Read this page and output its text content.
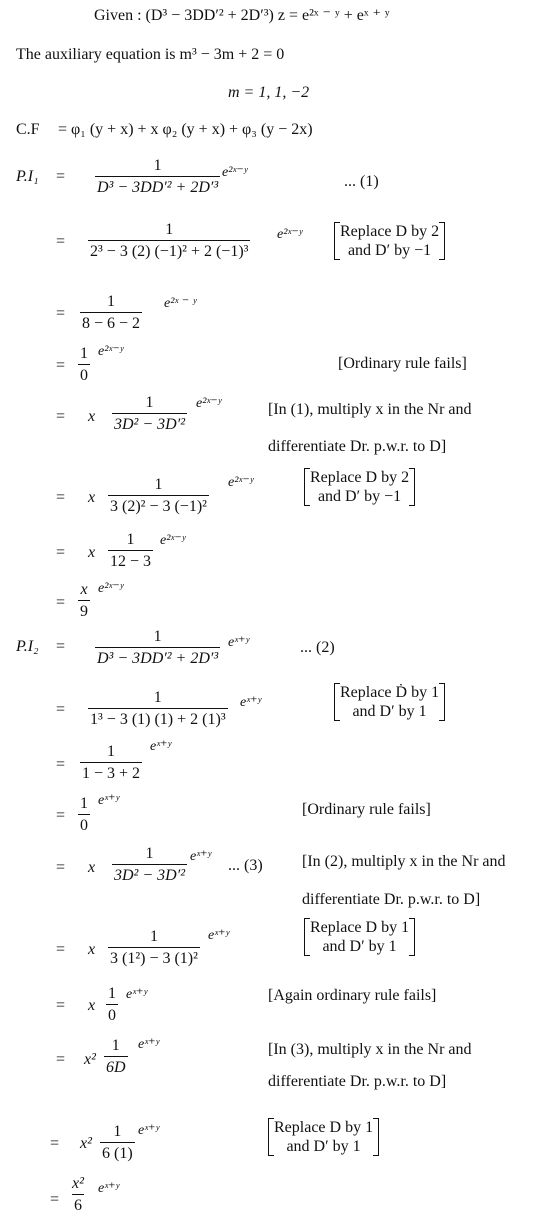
Given : (D³ − 3DD′² + 2D′³) z = e²ˣ ⁻ ʸ + eˣ ⁺ ʸ
The auxiliary equation is m³ − 3m + 2 = 0
m = 1, 1, −2
C.F = φ₁ (y + x) + x φ₂ (y + x) + φ₃ (y − 2x)
$P.I_1 = \frac{1}{\text{D³ − 3DD′² + 2D′³}}$ e²ˣ⁻ʸ
... (1)
= $\frac{1}{\text{2³ − 3 (2) (−1)² + 2 (−1)³}}$ e²ˣ⁻ʸ Replace D by 2
and D′ by −1
= $\frac{1}{8 - 6 - 2}$ e²ˣ ⁻ ʸ
= $\frac{1}{0}$ e²ˣ⁻ʸ
[Ordinary rule fails]
= x $\frac{1}{\text{3D² − 3D′²}}$ e²ˣ⁻ʸ	[In (1), multiply x in the Nr and
differentiate Dr. p.w.r. to D]
= x $\frac{1}{\text{3 (2)² − 3 (−1)²}}$ e²ˣ⁻ʸ	Replace D by 2
and D′ by −1
= x $\frac{1}{12 - 3}$ e²ˣ⁻ʸ
= $\frac{x}{9}$ e²ˣ⁻ʸ
$P.I_2 = \frac{1}{\text{D³ − 3DD′² + 2D′³}}$ eˣ⁺ʸ	... (2)
= $\frac{1}{\text{1³ − 3 (1) (1) + 2 (1)³}}$ eˣ⁺ʸ
Replace Ḋ by 1
and D′ by 1
= $\frac{1}{1 - 3 + 2}$ eˣ⁺ʸ
= $\frac{1}{0}$ eˣ⁺ʸ
[Ordinary rule fails]
= x $\frac{1}{\text{3D² − 3D′²}}$ eˣ⁺ʸ
... (3) [In (2), multiply x in the Nr and
differentiate Dr. p.w.r. to D]
= x $\frac{1}{\text{3 (1²) − 3 (1)²}}$ eˣ⁺ʸ	Replace D by 1
and D′ by 1
= x $\frac{1}{0}$ eˣ⁺ʸ	[Again ordinary rule fails]
= $x^2 \frac{1}{6D}$ eˣ⁺ʸ	[In (3), multiply x in the Nr and
differentiate Dr. p.w.r. to D]
= $x^2 \frac{1}{6 (1)}$ eˣ⁺ʸ	Replace D by 1
and D′ by 1
= $\frac{\text{x²}}{6}$ eˣ⁺ʸ
